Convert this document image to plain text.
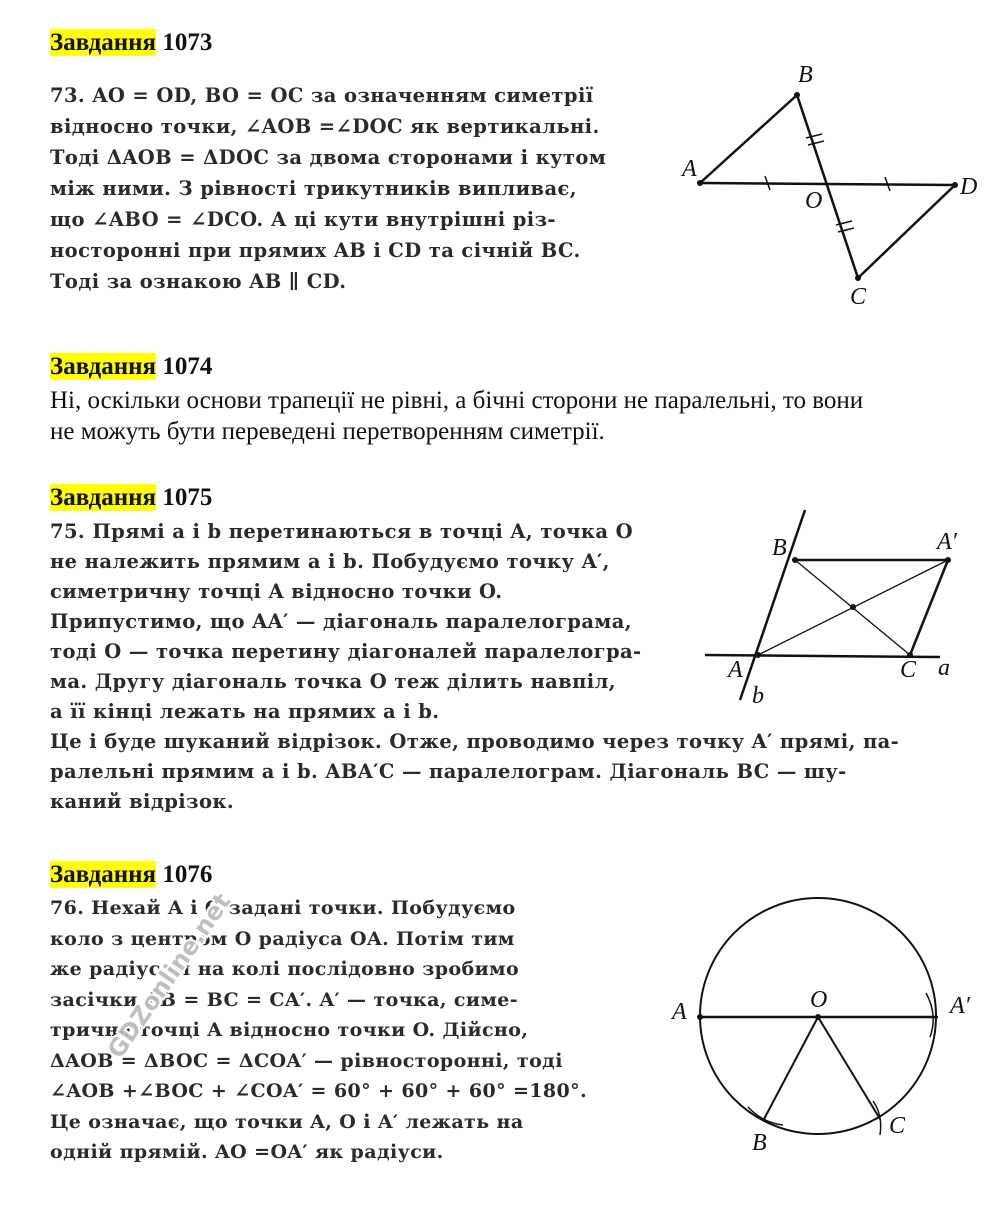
Завдання 1073
73. AO = OD, BO = OC за означенням симетрії
відносно точки, ∠AOB =∠DOC як вертикальні.
Тоді ΔAOB = ΔDOC за двома сторонами і кутом
між ними. З рівності трикутників випливає,
що ∠ABO = ∠DCO. А ці кути внутрішні різ-
носторонні при прямих AB і CD та січній BC.
Тоді за ознакою AB ∥ CD.
A
B
O
D
C
Завдання 1074
Ні, оскільки основи трапеції не рівні, а бічні сторони не паралельні, то вони
не можуть бути переведені перетворенням симетрії.
Завдання 1075
75. Прямі a і b перетинаються в точці A, точка O
не належить прямим a і b. Побудуємо точку A′,
симетричну точці A відносно точки O.
Припустимо, що AA′ — діагональ паралелограма,
тоді O — точка перетину діагоналей паралелогра-
ма. Другу діагональ точка O теж ділить навпіл,
а її кінці лежать на прямих a і b.
Це і буде шуканий відрізок. Отже, проводимо через точку A′ прямі, па-
ралельні прямим a і b. ABA′C — паралелограм. Діагональ BC — шу-
каний відрізок.
B	A′
A	C a
b
Завдання 1076
76. Нехай A і O задані точки. Побудуємо
коло з центром O радіуса OA. Потім тим
же радіусом на колі послідовно зробимо
засічки AB = BC = CA′. A′ — точка, симе-
трична точці A відносно точки O. Дійсно,
ΔAOB = ΔBOC = ΔCOA′ — рівносторонні, тоді
∠AOB +∠BOC + ∠COA′ = 60° + 60° + 60° =180°.
Це означає, що точки A, O і A′ лежать на
одній прямій. AO =OA′ як радіуси.
A	O	A′
B
C
GDZonline.net
